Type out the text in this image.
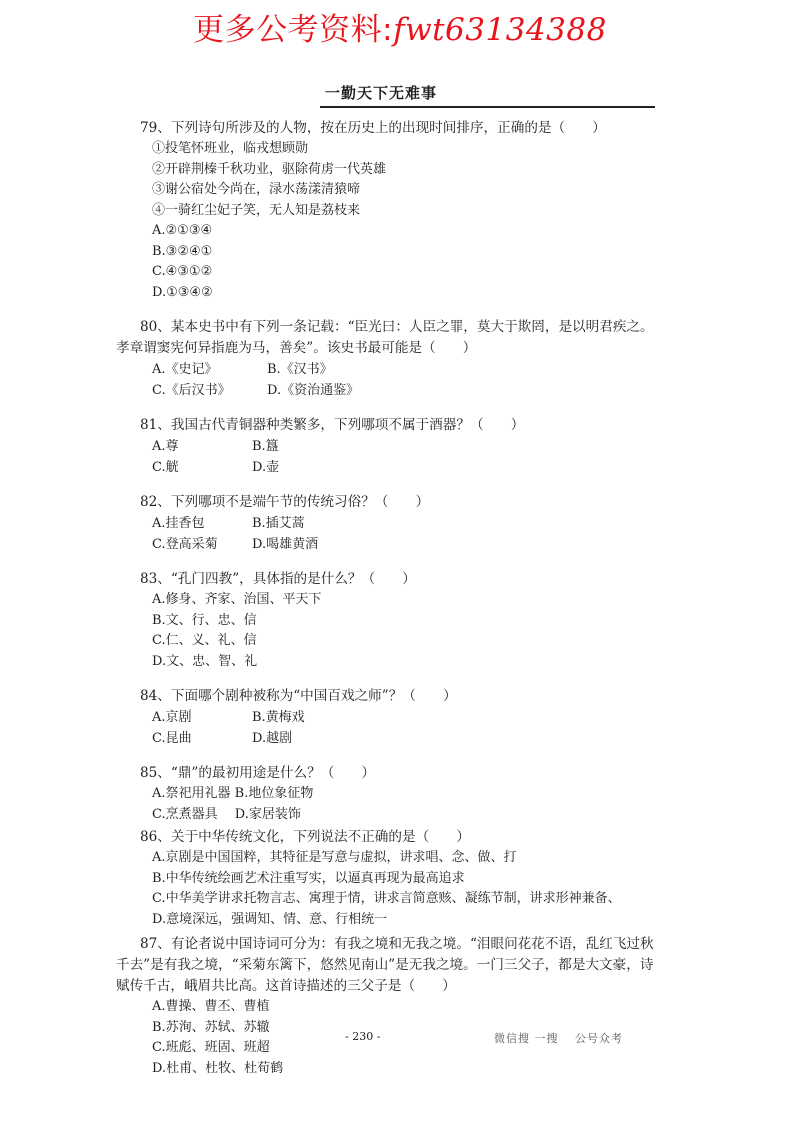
更多公考资料:fwt63134388
一勤天下无难事
79、下列诗句所涉及的人物，按在历史上的出现时间排序，正确的是（　　）
①投笔怀班业，临戎想顾勋
②开辟荆榛千秋功业，驱除荷虏一代英雄
③谢公宿处今尚在，渌水荡漾清猿啼
④一骑红尘妃子笑，无人知是荔枝来
A.②①③④
B.③②④①
C.④③①②
D.①③④②
80、某本史书中有下列一条记载：“臣光曰：人臣之罪，莫大于欺罔，是以明君疾之。孝章谓窦宪何异指鹿为马，善矣”。该史书最可能是（　　）
A.《史记》	B.《汉书》
C.《后汉书》	D.《资治通鉴》
81、我国古代青铜器种类繁多，下列哪项不属于酒器？（　　）
A.尊	B.簋
C.觥	D.壶
82、下列哪项不是端午节的传统习俗？（　　）
A.挂香包	B.插艾蒿
C.登高采菊	D.喝雄黄酒
83、“孔门四教”，具体指的是什么？（　　）
A.修身、齐家、治国、平天下
B.文、行、忠、信
C.仁、义、礼、信
D.文、忠、智、礼
84、下面哪个剧种被称为“中国百戏之师”？（　　）
A.京剧	B.黄梅戏
C.昆曲	D.越剧
85、“鼎”的最初用途是什么？（　　）
A.祭祀用礼器 B.地位象征物
C.烹煮器具　 D.家居装饰
86、关于中华传统文化，下列说法不正确的是（　　）
A.京剧是中国国粹，其特征是写意与虚拟，讲求唱、念、做、打
B.中华传统绘画艺术注重写实，以逼真再现为最高追求
C.中华美学讲求托物言志、寓理于情，讲求言简意赅、凝练节制，讲求形神兼备、
D.意境深远，强调知、情、意、行相统一
87、有论者说中国诗词可分为：有我之境和无我之境。“泪眼问花花不语，乱红飞过秋千去”是有我之境，“采菊东篱下，悠然见南山”是无我之境。一门三父子，都是大文豪，诗赋传千古，峨眉共比高。这首诗描述的三父子是（　　）
A.曹操、曹丕、曹植
B.苏洵、苏轼、苏辙
C.班彪、班固、班超
D.杜甫、杜牧、杜荀鹤
- 230 -	微信搜 一搜　 公号众考
